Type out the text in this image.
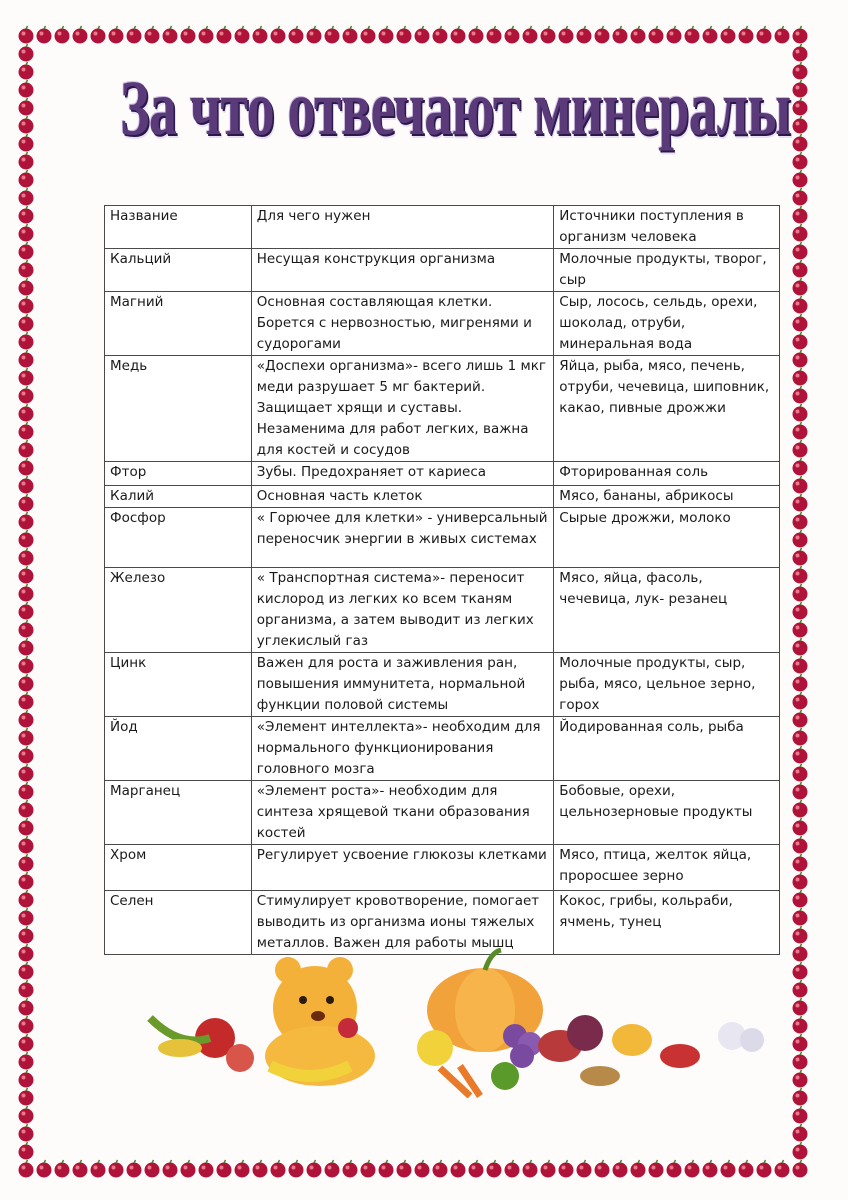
За что отвечают минералы
Название	Для чего нужен	Источники поступления в организм человека
Кальций	Несущая конструкция организма	Молочные продукты, творог, сыр
Магний	Основная составляющая клетки. Борется с нервозностью, мигренями и судорогами	Сыр, лосось, сельдь, орехи, шоколад, отруби, минеральная вода
Медь	«Доспехи организма»- всего лишь 1 мкг меди разрушает 5 мг бактерий. Защищает хрящи и суставы. Незаменима для работ легких, важна для костей и сосудов	Яйца, рыба, мясо, печень, отруби, чечевица, шиповник, какао, пивные дрожжи
Фтор	Зубы. Предохраняет от кариеса	Фторированная соль
Калий	Основная часть клеток	Мясо, бананы, абрикосы
Фосфор	« Горючее для клетки» - универсальный переносчик энергии в живых системах	Сырые дрожжи, молоко
Железо	« Транспортная система»- переносит кислород из легких ко всем тканям организма, а затем выводит из легких углекислый газ	Мясо, яйца, фасоль, чечевица, лук- резанец
Цинк	Важен для роста и заживления ран, повышения иммунитета, нормальной функции половой системы	Молочные продукты, сыр, рыба, мясо, цельное зерно, горох
Йод	«Элемент интеллекта»- необходим для нормального функционирования головного мозга	Йодированная соль, рыба
Марганец	«Элемент роста»- необходим для синтеза хрящевой ткани образования костей	Бобовые, орехи, цельнозерновые продукты
Хром	Регулирует усвоение глюкозы клетками	Мясо, птица, желток яйца, проросшее зерно
Селен	Стимулирует кровотворение, помогает выводить из организма ионы тяжелых металлов. Важен для работы мышц	Кокос, грибы, кольраби, ячмень, тунец
